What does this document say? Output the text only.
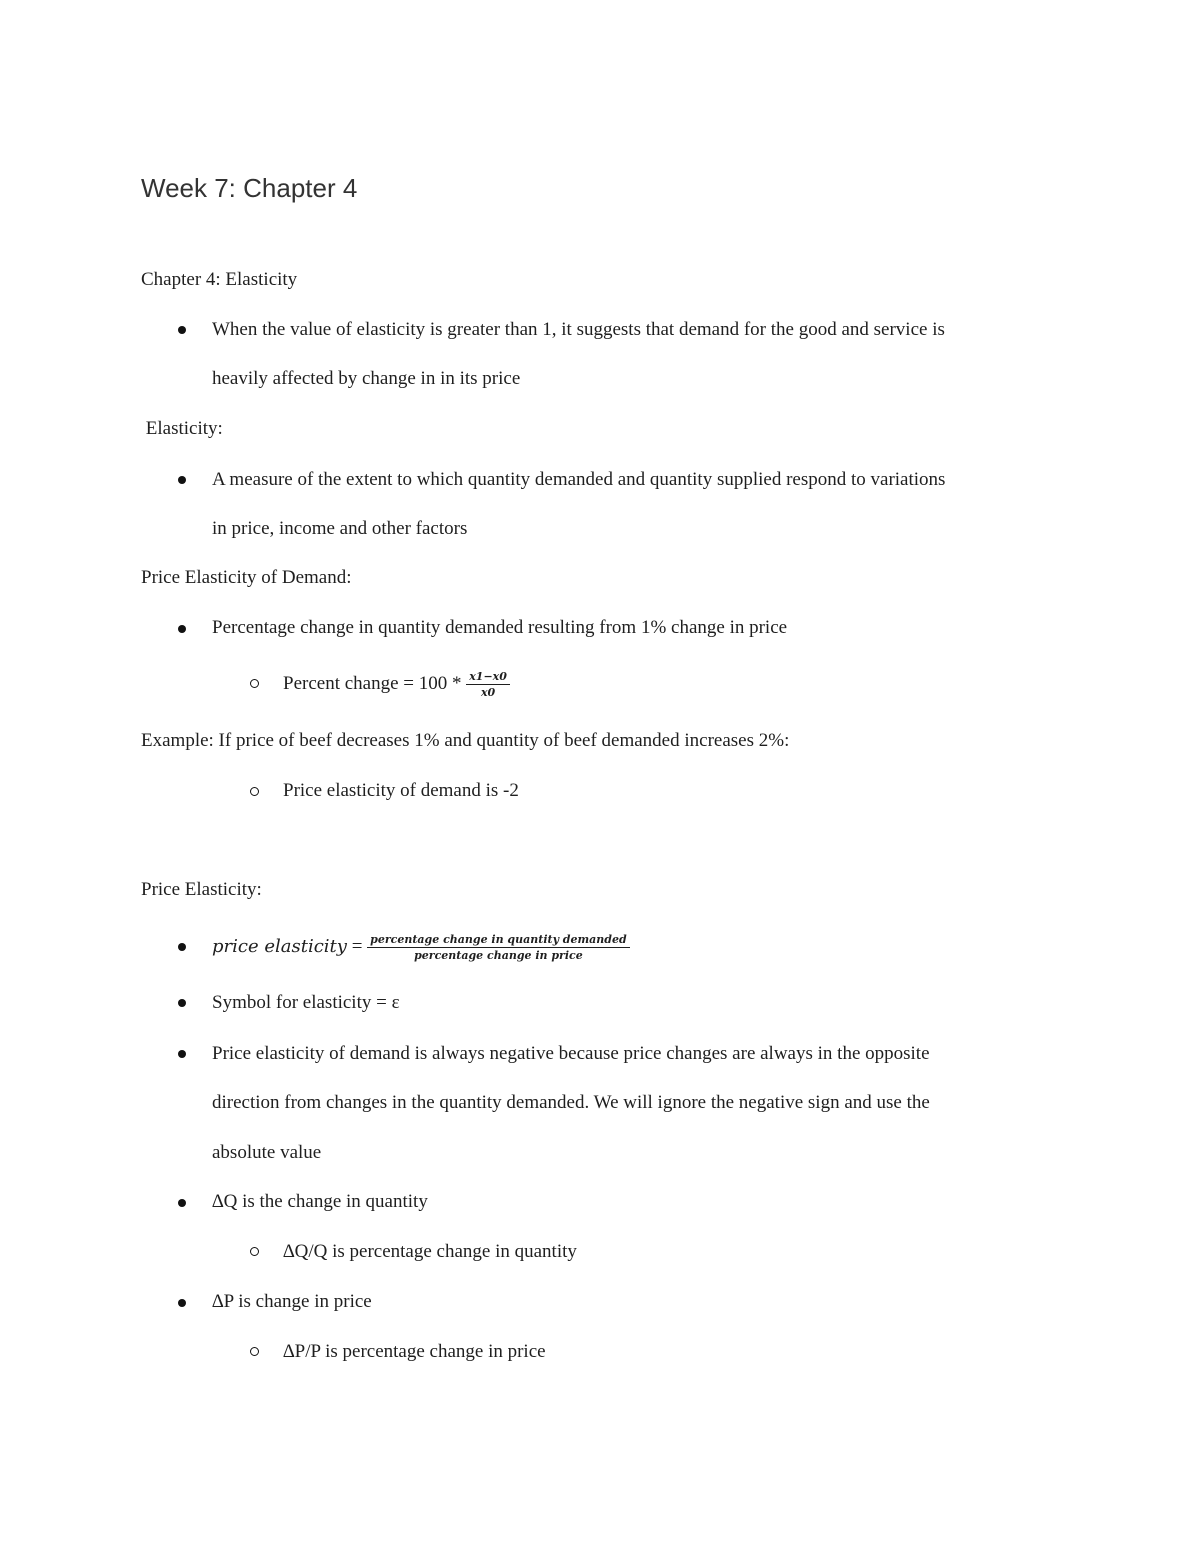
Week 7: Chapter 4
Chapter 4: Elasticity
When the value of elasticity is greater than 1, it suggests that demand for the good and service is
heavily affected by change in in its price
Elasticity:
A measure of the extent to which quantity demanded and quantity supplied respond to variations
in price, income and other factors
Price Elasticity of Demand:
Percentage change in quantity demanded resulting from 1% change in price
Percent change = $100 * \frac{x1-x0}{x0}$
Example: If price of beef decreases 1% and quantity of beef demanded increases 2%:
Price elasticity of demand is -2
Price Elasticity:
price elasticity = $\frac{\text{percentage change in quantity demanded}}{\text{percentage change in price}}$
Symbol for elasticity = ε
Price elasticity of demand is always negative because price changes are always in the opposite
direction from changes in the quantity demanded. We will ignore the negative sign and use the
absolute value
∆Q is the change in quantity
∆Q/Q is percentage change in quantity
∆P is change in price
∆P/P is percentage change in price
